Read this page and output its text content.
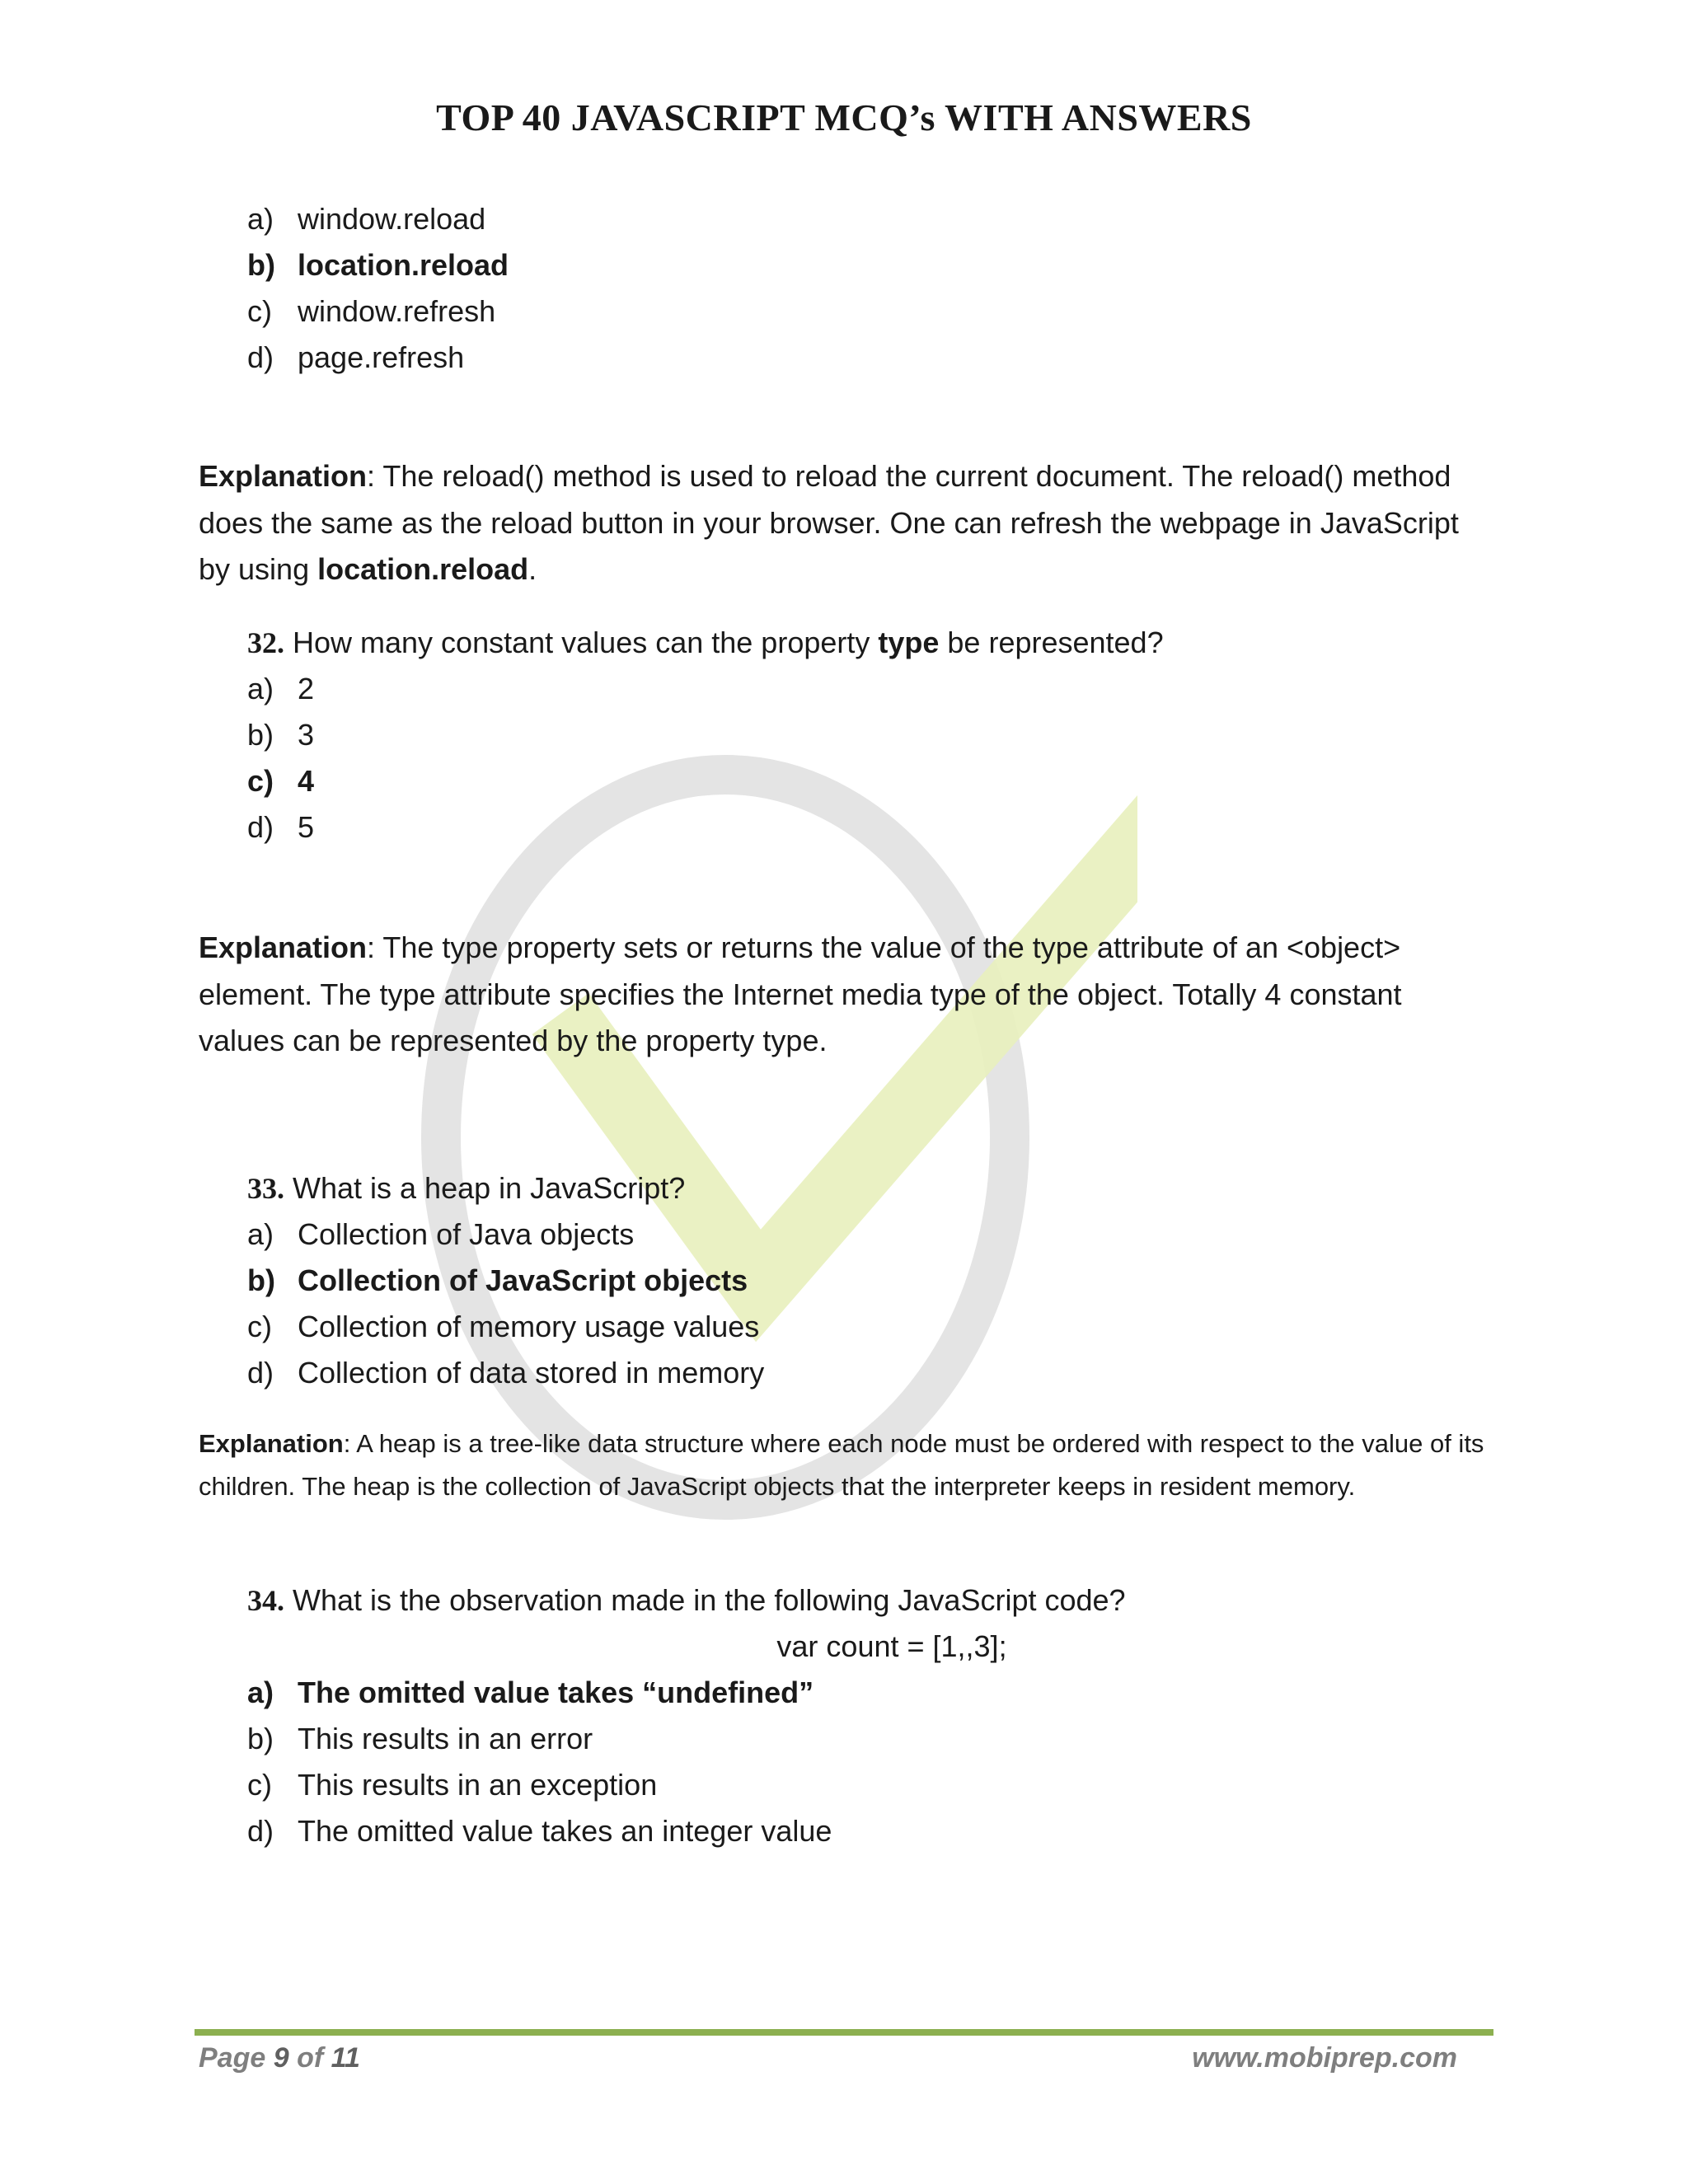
TOP 40 JAVASCRIPT MCQ’s WITH ANSWERS
a) window.reload
b) location.reload
c) window.refresh
d) page.refresh
Explanation: The reload() method is used to reload the current document. The reload() method does the same as the reload button in your browser. One can refresh the webpage in JavaScript by using location.reload.
32. How many constant values can the property type be represented?
a) 2
b) 3
c) 4
d) 5
Explanation: The type property sets or returns the value of the type attribute of an <object> element. The type attribute specifies the Internet media type of the object. Totally 4 constant values can be represented by the property type.
33. What is a heap in JavaScript?
a) Collection of Java objects
b) Collection of JavaScript objects
c) Collection of memory usage values
d) Collection of data stored in memory
Explanation: A heap is a tree-like data structure where each node must be ordered with respect to the value of its children. The heap is the collection of JavaScript objects that the interpreter keeps in resident memory.
34. What is the observation made in the following JavaScript code?
var count = [1,,3];
a) The omitted value takes “undefined”
b) This results in an error
c) This results in an exception
d) The omitted value takes an integer value
Page 9 of 11	www.mobiprep.com
